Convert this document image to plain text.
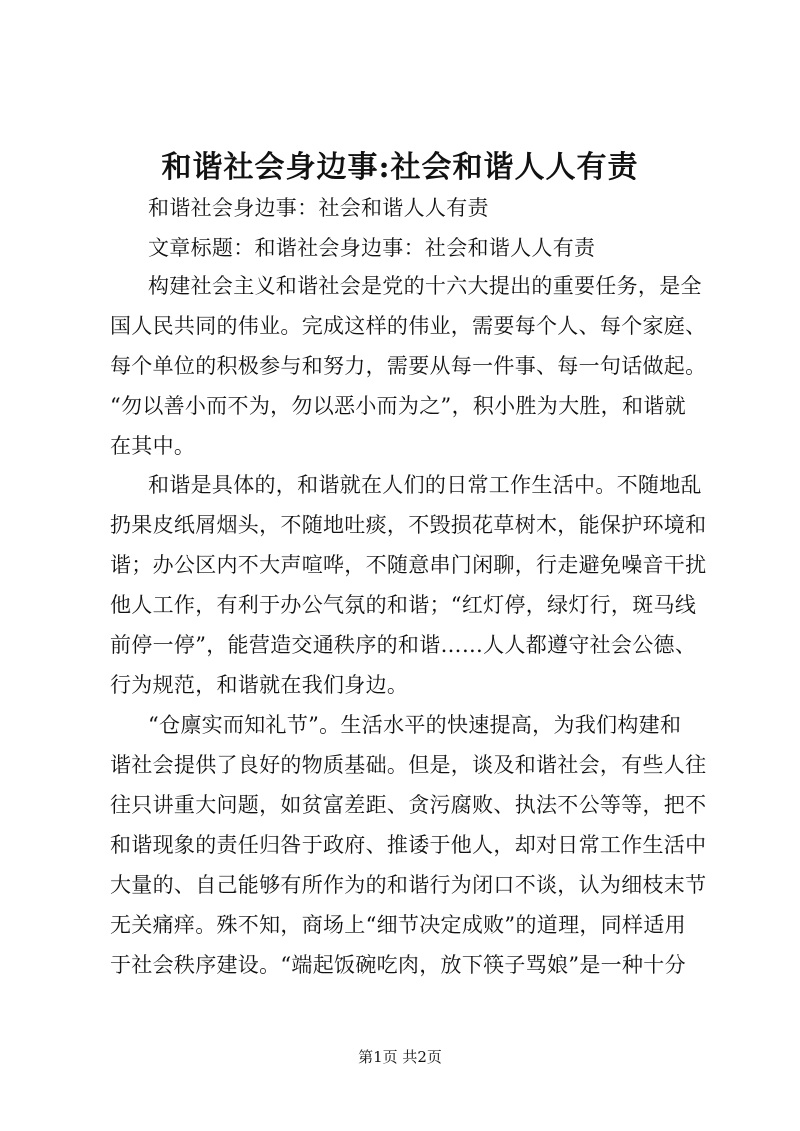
和谐社会身边事:社会和谐人人有责
和谐社会身边事：社会和谐人人有责
文章标题：和谐社会身边事：社会和谐人人有责
构建社会主义和谐社会是党的十六大提出的重要任务，是全
国人民共同的伟业。完成这样的伟业，需要每个人、每个家庭、
每个单位的积极参与和努力，需要从每一件事、每一句话做起。
“勿以善小而不为，勿以恶小而为之”，积小胜为大胜，和谐就
在其中。
和谐是具体的，和谐就在人们的日常工作生活中。不随地乱
扔果皮纸屑烟头，不随地吐痰，不毁损花草树木，能保护环境和
谐；办公区内不大声喧哗，不随意串门闲聊，行走避免噪音干扰
他人工作，有利于办公气氛的和谐；“红灯停，绿灯行，斑马线
前停一停”，能营造交通秩序的和谐……人人都遵守社会公德、
行为规范，和谐就在我们身边。
“仓廪实而知礼节”。生活水平的快速提高，为我们构建和
谐社会提供了良好的物质基础。但是，谈及和谐社会，有些人往
往只讲重大问题，如贫富差距、贪污腐败、执法不公等等，把不
和谐现象的责任归咎于政府、推诿于他人，却对日常工作生活中
大量的、自己能够有所作为的和谐行为闭口不谈，认为细枝末节
无关痛痒。殊不知，商场上“细节决定成败”的道理，同样适用
于社会秩序建设。“端起饭碗吃肉，放下筷子骂娘”是一种十分
第1页 共2页
